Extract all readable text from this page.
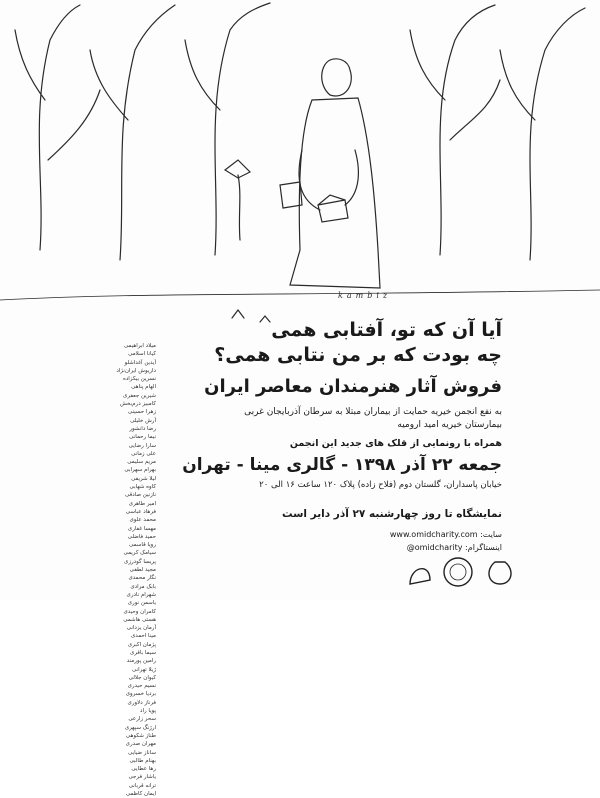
kambiz
آیا آن که تو، آفتابی همی
چه بودت که بر من نتابی همی؟
فروش آثار هنرمندان معاصر ایران
به نفع انجمن خیریه حمایت از بیماران مبتلا به سرطان آذربایجان غربی
بیمارستان خیریه امید ارومیه
همراه با رونمایی از قلک های جدید این انجمن
جمعه ۲۲ آذر ۱۳۹۸ - گالری مینا - تهران
خیابان پاسداران، گلستان دوم (فلاح زاده) پلاک ۱۲۰ ساعت ۱۶ الی ۲۰
نمایشگاه تا روز چهارشنبه ۲۷ آذر دایر است
سایت: www.omidcharity.com
اینستاگرام: @omidcharity
میلاد ابراهیمی
کیانا اسلامی
آیدین آغداشلو
داریوش ایران‌نژاد
نسرین بیکزاده
الهام پناهی
شیرین جعفری
کامبیز درم‌بخش
زهرا حسینی
آرش خلیلی
رضا دانشور
نیما رحمانی
سارا رضایی
علی زمانی
مریم سلیمی
بهرام سهرابی
لیلا شریفی
کاوه شهابی
نازنین صادقی
امیر طاهری
فرهاد عباسی
محمد علوی
مهسا غفاری
حمید فاضلی
رویا قاسمی
سیامک کریمی
پریسا گودرزی
مجید لطفی
نگار محمدی
بابک مرادی
شهرام نادری
یاسمن نوری
کامران وحیدی
هستی هاشمی
آرمان یزدانی
مینا احمدی
پژمان اکبری
سیما باقری
رامین پورمند
ژیلا تهرانی
کیوان جلالی
نسیم حیدری
بردیا خسروی
فرناز دلاوری
پویا راد
سحر زارعی
ارژنگ سپهری
طناز شکوهی
مهران صدری
ساناز ضیایی
بهنام طالبی
رها عطایی
یاشار فرجی
ترانه قربانی
ایمان کاظمی
